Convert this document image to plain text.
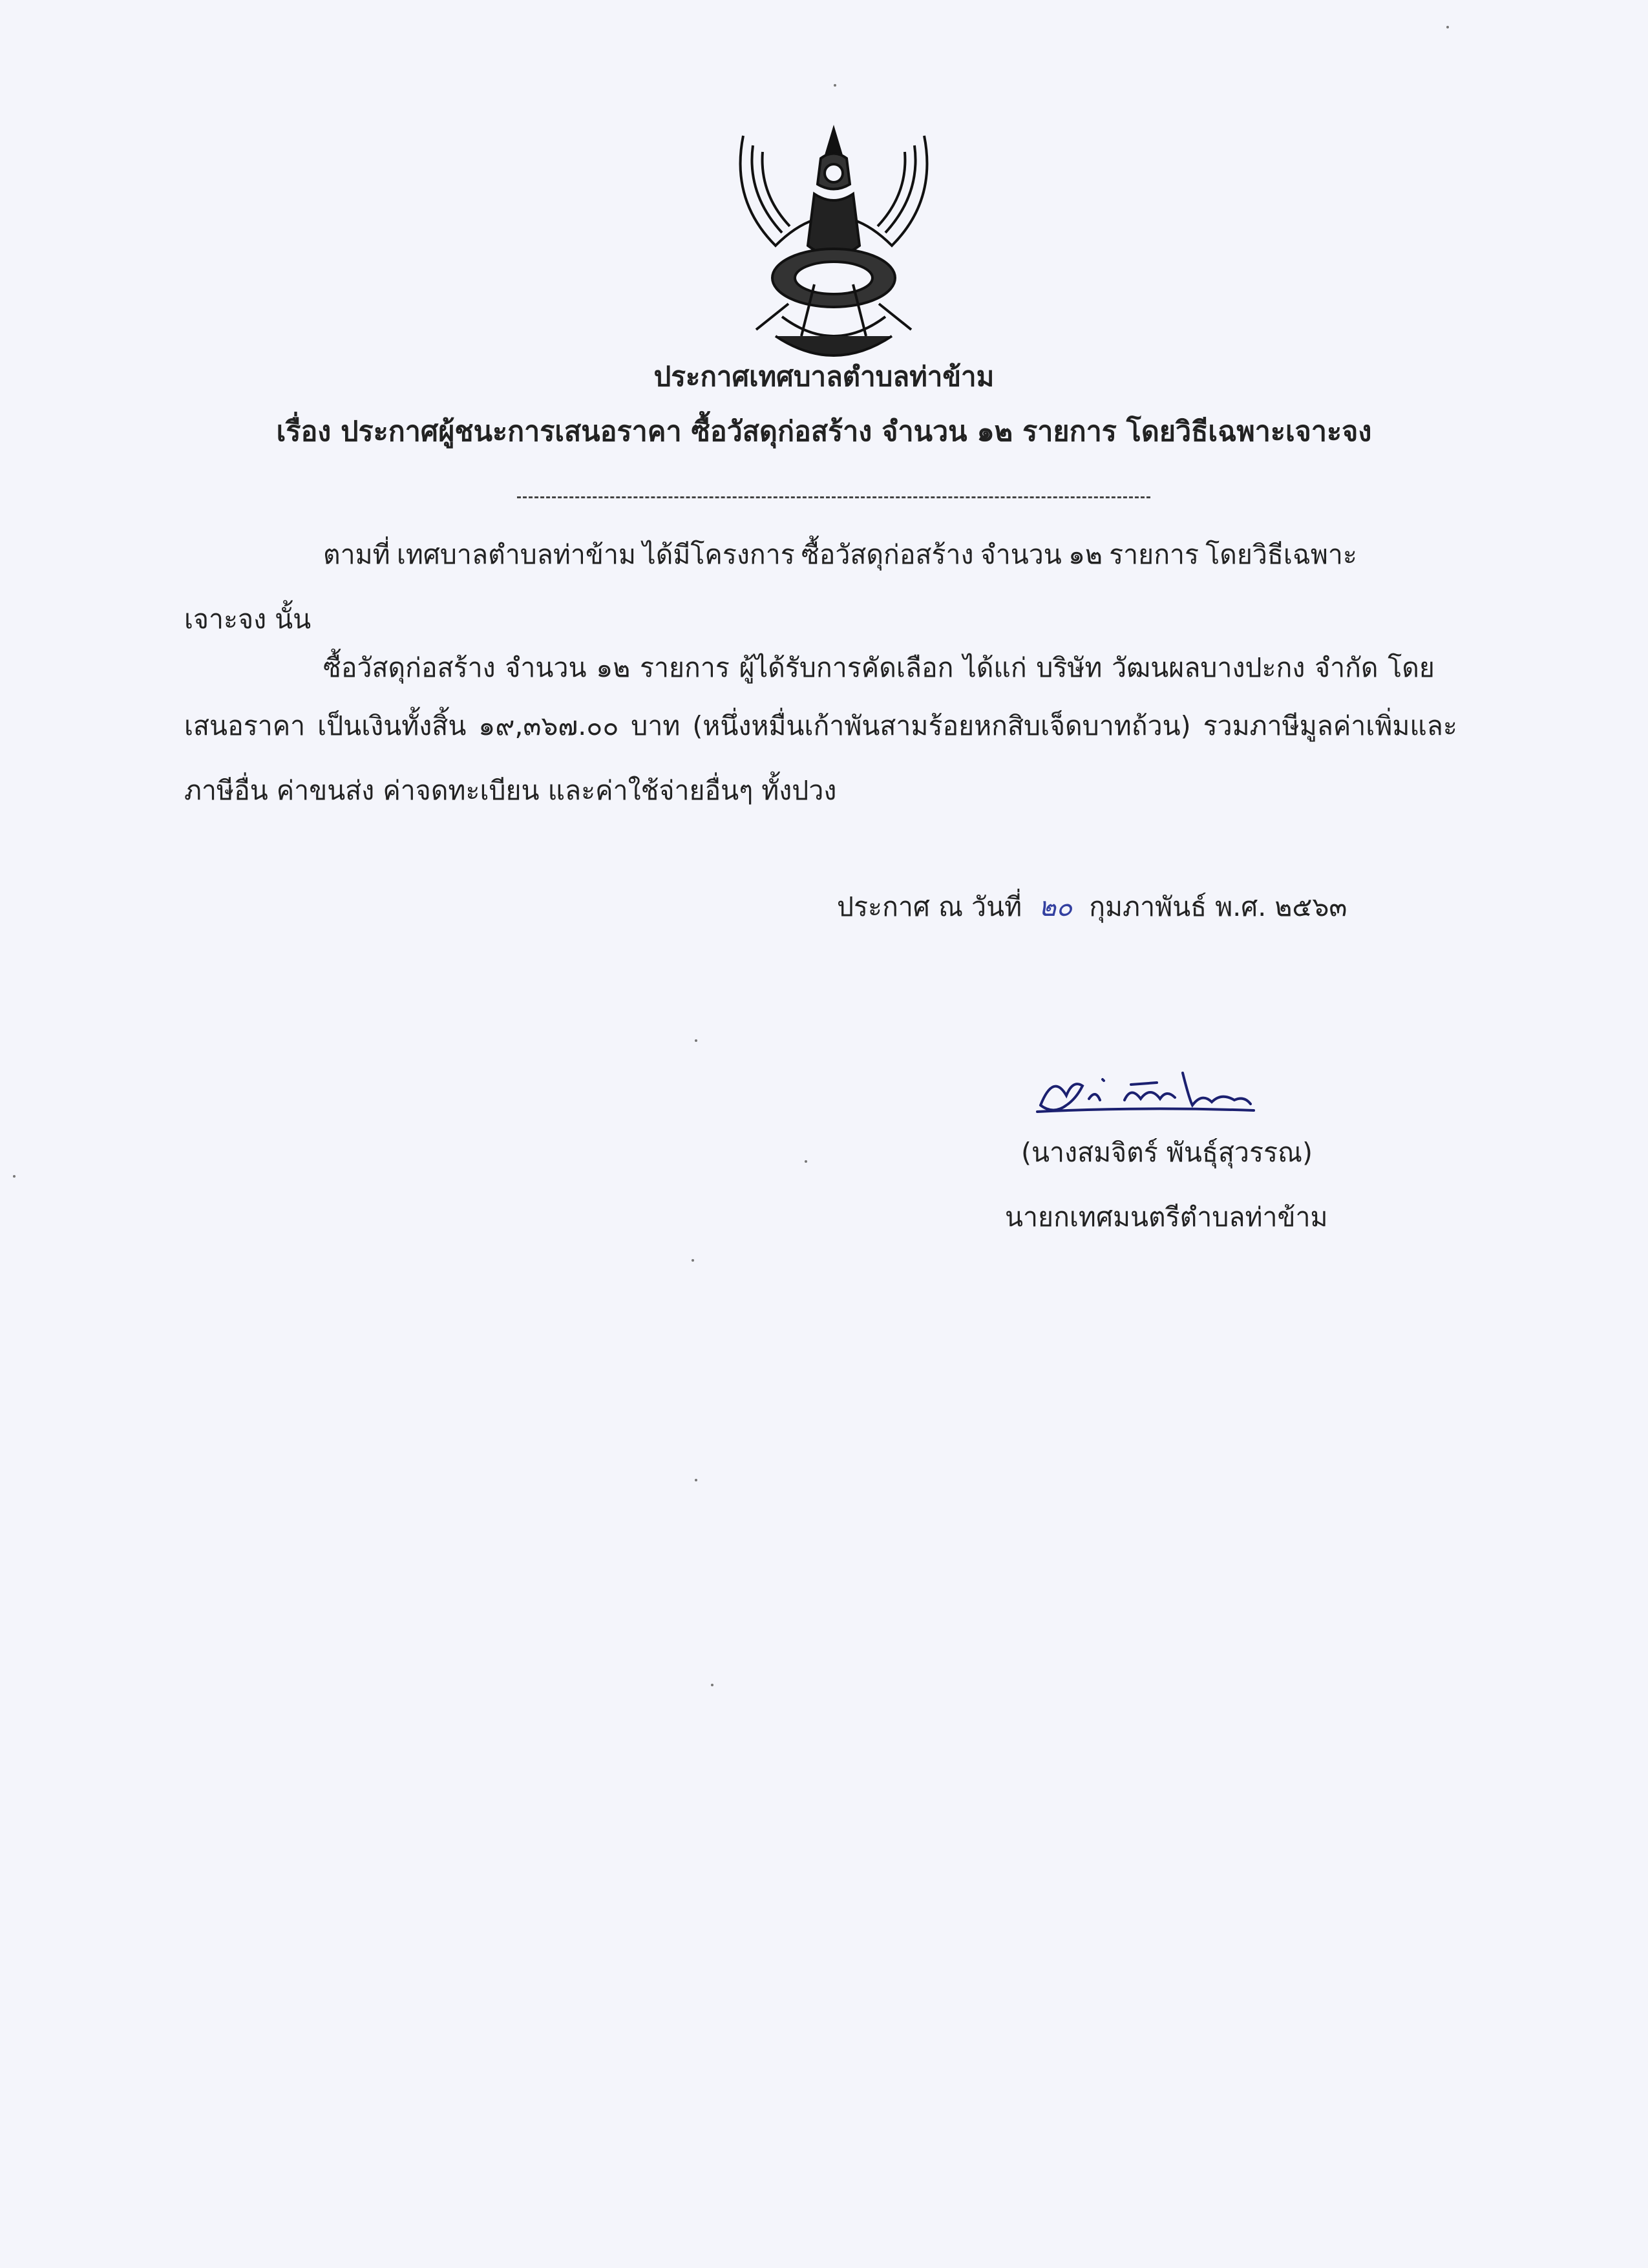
ประกาศเทศบาลตำบลท่าข้าม
เรื่อง ประกาศผู้ชนะการเสนอราคา ซื้อวัสดุก่อสร้าง จำนวน ๑๒ รายการ โดยวิธีเฉพาะเจาะจง
ตามที่ เทศบาลตำบลท่าข้าม ได้มีโครงการ ซื้อวัสดุก่อสร้าง จำนวน ๑๒ รายการ โดยวิธีเฉพาะ
เจาะจง นั้น
ซื้อวัสดุก่อสร้าง จำนวน ๑๒ รายการ ผู้ได้รับการคัดเลือก ได้แก่ บริษัท วัฒนผลบางปะกง จำกัด โดย
เสนอราคา เป็นเงินทั้งสิ้น ๑๙,๓๖๗.๐๐ บาท (หนึ่งหมื่นเก้าพันสามร้อยหกสิบเจ็ดบาทถ้วน) รวมภาษีมูลค่าเพิ่มและ
ภาษีอื่น ค่าขนส่ง ค่าจดทะเบียน และค่าใช้จ่ายอื่นๆ ทั้งปวง
ประกาศ ณ วันที่ ๒๐ กุมภาพันธ์ พ.ศ. ๒๕๖๓
(นางสมจิตร์ พันธุ์สุวรรณ)
นายกเทศมนตรีตำบลท่าข้าม
